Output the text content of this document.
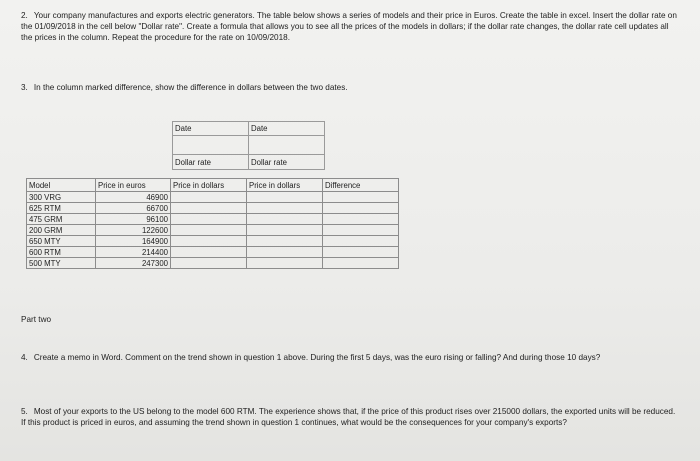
2. Your company manufactures and exports electric generators. The table below shows a series of models and their price in Euros. Create the table in excel. Insert the dollar rate on the 01/09/2018 in the cell below "Dollar rate". Create a formula that allows you to see all the prices of the models in dollars; if the dollar rate changes, the dollar rate cell updates all the prices in the column. Repeat the procedure for the rate on 10/09/2018.
3. In the column marked difference, show the difference in dollars between the two dates.
Date	Date

Dollar rate	Dollar rate
Model	Price in euros	Price in dollars	Price in dollars	Difference
300 VRG	46900			
625 RTM	66700			
475 GRM	96100			
200 GRM	122600			
650 MTY	164900			
600 RTM	214400			
500 MTY	247300			
Part two
4. Create a memo in Word. Comment on the trend shown in question 1 above. During the first 5 days, was the euro rising or falling? And during those 10 days?
5. Most of your exports to the US belong to the model 600 RTM. The experience shows that, if the price of this product rises over 215000 dollars, the exported units will be reduced. If this product is priced in euros, and assuming the trend shown in question 1 continues, what would be the consequences for your company's exports?
